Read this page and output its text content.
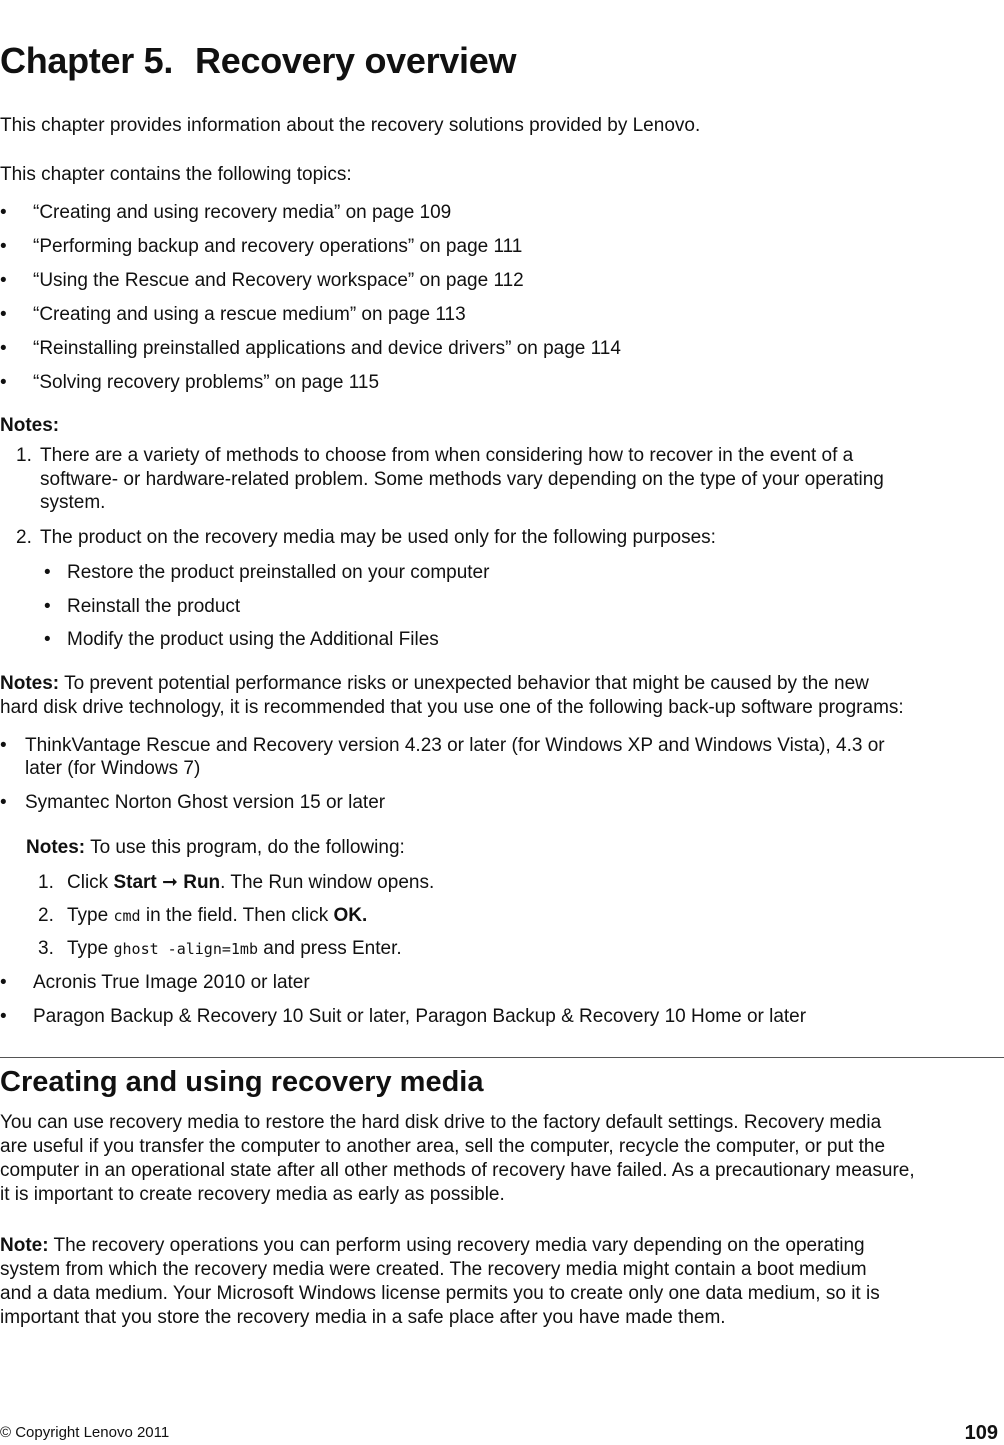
Chapter 5. Recovery overview
This chapter provides information about the recovery solutions provided by Lenovo.
This chapter contains the following topics:
• “Creating and using recovery media” on page 109
• “Performing backup and recovery operations” on page 111
• “Using the Rescue and Recovery workspace” on page 112
• “Creating and using a rescue medium” on page 113
• “Reinstalling preinstalled applications and device drivers” on page 114
• “Solving recovery problems” on page 115
Notes:
1. There are a variety of methods to choose from when considering how to recover in the event of a
software- or hardware-related problem. Some methods vary depending on the type of your operating
system.
2. The product on the recovery media may be used only for the following purposes:
• Restore the product preinstalled on your computer
• Reinstall the product
• Modify the product using the Additional Files
Notes: To prevent potential performance risks or unexpected behavior that might be caused by the new
hard disk drive technology, it is recommended that you use one of the following back-up software programs:
• ThinkVantage Rescue and Recovery version 4.23 or later (for Windows XP and Windows Vista), 4.3 or
later (for Windows 7)
• Symantec Norton Ghost version 15 or later
Notes: To use this program, do the following:
1. Click Start ➞ Run. The Run window opens.
2. Type cmd in the field. Then click OK.
3. Type ghost -align=1mb and press Enter.
• Acronis True Image 2010 or later
• Paragon Backup & Recovery 10 Suit or later, Paragon Backup & Recovery 10 Home or later
Creating and using recovery media
You can use recovery media to restore the hard disk drive to the factory default settings. Recovery media
are useful if you transfer the computer to another area, sell the computer, recycle the computer, or put the
computer in an operational state after all other methods of recovery have failed. As a precautionary measure,
it is important to create recovery media as early as possible.
Note: The recovery operations you can perform using recovery media vary depending on the operating
system from which the recovery media were created. The recovery media might contain a boot medium
and a data medium. Your Microsoft Windows license permits you to create only one data medium, so it is
important that you store the recovery media in a safe place after you have made them.
© Copyright Lenovo 2011	109
